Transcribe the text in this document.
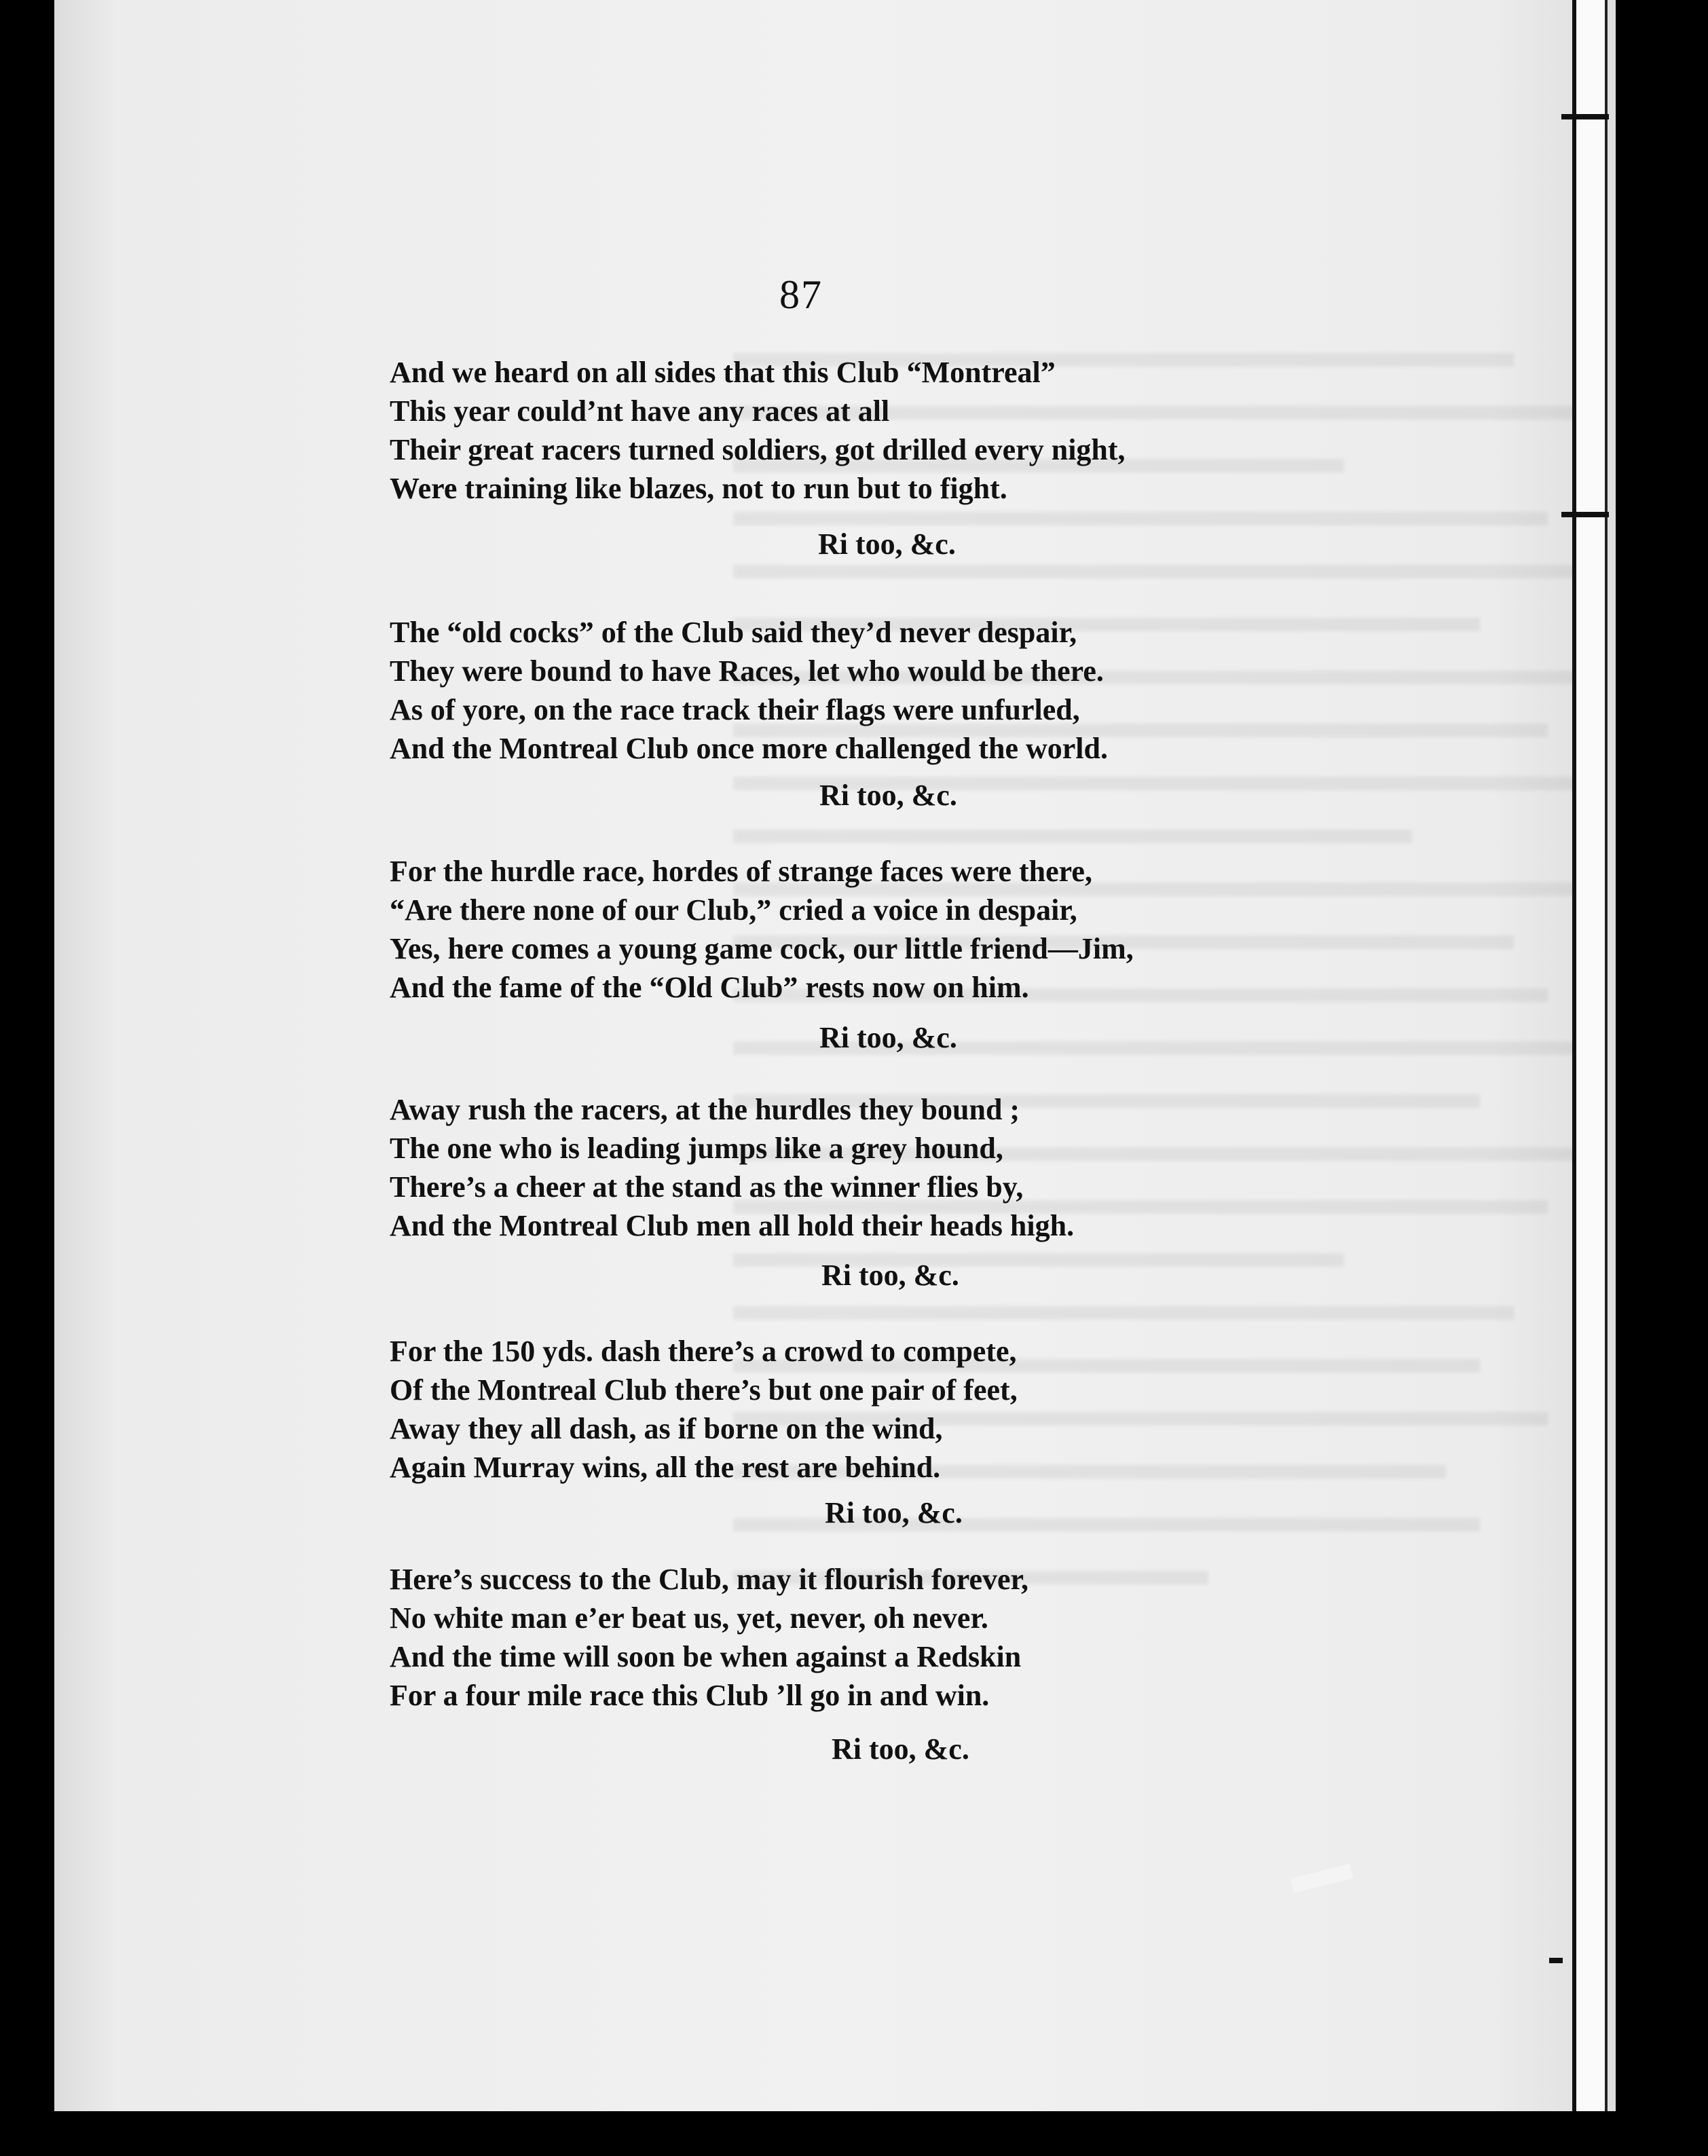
87
And we heard on all sides that this Club “Montreal”
This year could’nt have any races at all
Their great racers turned soldiers, got drilled every night,
Were training like blazes, not to run but to fight.
Ri too, &c.
The “old cocks” of the Club said they’d never despair,
They were bound to have Races, let who would be there.
As of yore, on the race track their flags were unfurled,
And the Montreal Club once more challenged the world.
Ri too, &c.
For the hurdle race, hordes of strange faces were there,
“Are there none of our Club,” cried a voice in despair,
Yes, here comes a young game cock, our little friend—Jim,
And the fame of the “Old Club” rests now on him.
Ri too, &c.
Away rush the racers, at the hurdles they bound ;
The one who is leading jumps like a grey hound,
There’s a cheer at the stand as the winner flies by,
And the Montreal Club men all hold their heads high.
Ri too, &c.
For the 150 yds. dash there’s a crowd to compete,
Of the Montreal Club there’s but one pair of feet,
Away they all dash, as if borne on the wind,
Again Murray wins, all the rest are behind.
Ri too, &c.
Here’s success to the Club, may it flourish forever,
No white man e’er beat us, yet, never, oh never.
And the time will soon be when against a Redskin
For a four mile race this Club ’ll go in and win.
Ri too, &c.
